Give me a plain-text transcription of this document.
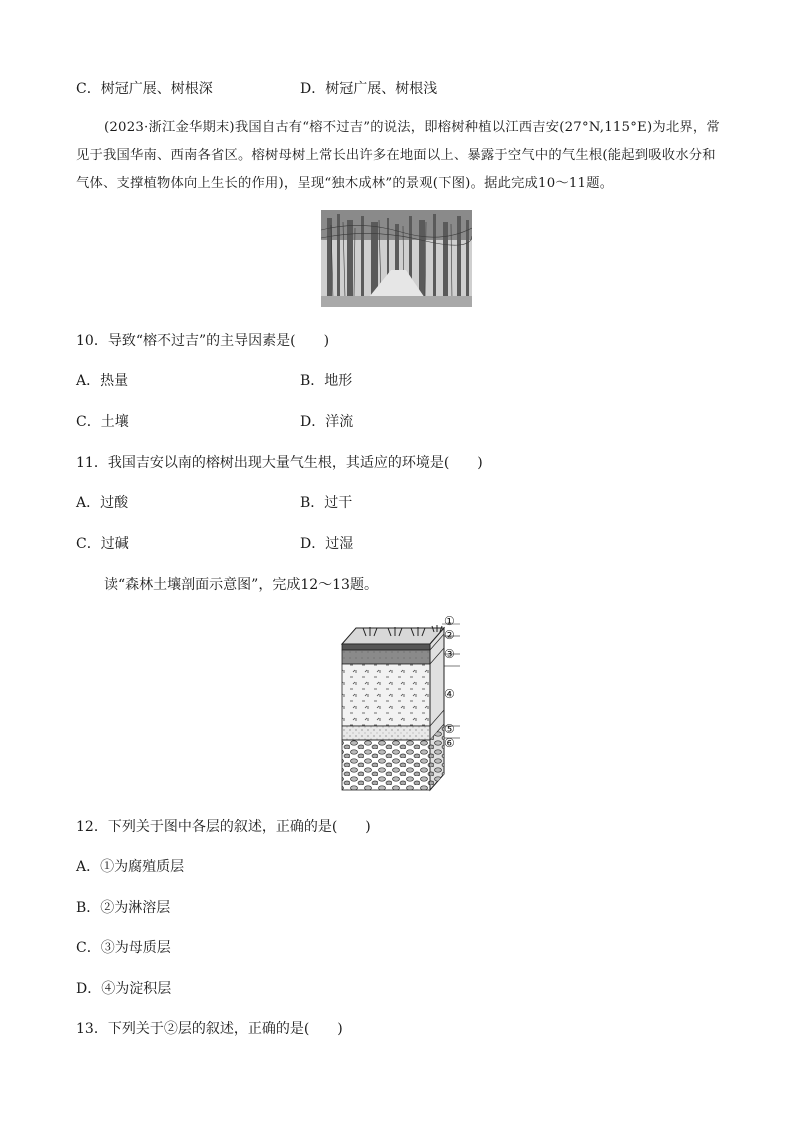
C．树冠广展、树根深	D．树冠广展、树根浅
(2023·浙江金华期末)我国自古有“榕不过吉”的说法，即榕树种植以江西吉安(27°N,115°E)为北界，常见于我国华南、西南各省区。榕树母树上常长出许多在地面以上、暴露于空气中的气生根(能起到吸收水分和气体、支撑植物体向上生长的作用)，呈现“独木成林”的景观(下图)。据此完成10～11题。
10．导致“榕不过吉”的主导因素是(　　)
A．热量	B．地形
C．土壤	D．洋流
11．我国吉安以南的榕树出现大量气生根，其适应的环境是(　　)
A．过酸	B．过干
C．过碱	D．过湿
读“森林土壤剖面示意图”，完成12～13题。
①
②
③
④
⑤
⑥
12．下列关于图中各层的叙述，正确的是(　　)
A．①为腐殖质层
B．②为淋溶层
C．③为母质层
D．④为淀积层
13．下列关于②层的叙述，正确的是(　　)
